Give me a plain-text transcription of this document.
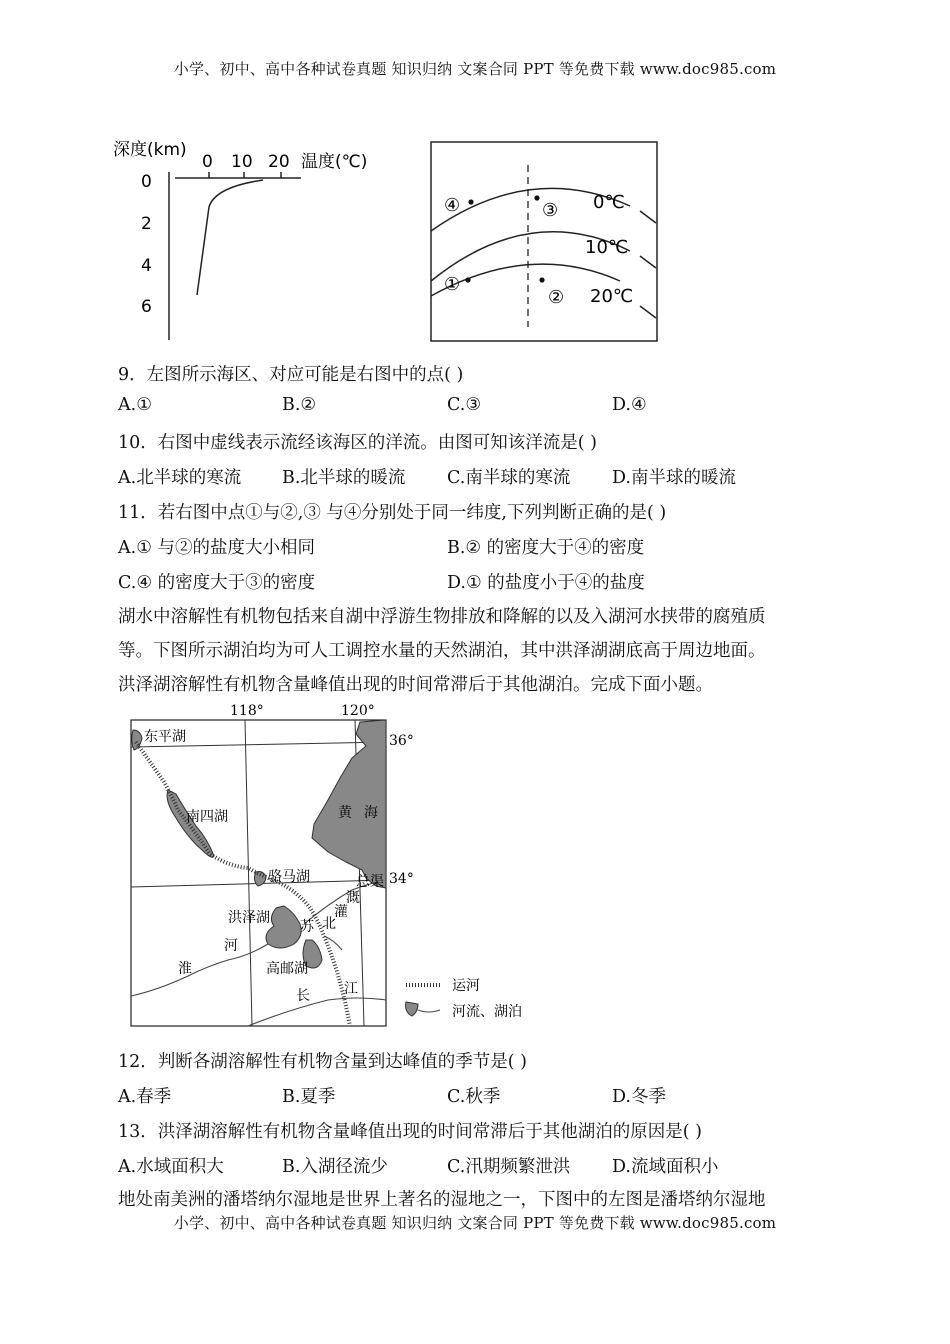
小学、初中、高中各种试卷真题 知识归纳 文案合同 PPT 等免费下载 www.doc985.com
小学、初中、高中各种试卷真题 知识归纳 文案合同 PPT 等免费下载 www.doc985.com
深度(km)
温度(℃)
0 10 20
0
2
4
6
0℃
10℃
20℃
④	③
①
②
9．左图所示海区、对应可能是右图中的点( )
A.①	B.②	C.③	D.④
10．右图中虚线表示流经该海区的洋流。由图可知该洋流是( )
A.北半球的寒流 B.北半球的暖流 C.南半球的寒流 D.南半球的暖流
11．若右图中点①与②,③ 与④分别处于同一纬度,下列判断正确的是( )
A.① 与②的盐度大小相同	B.② 的密度大于④的密度
C.④ 的密度大于③的密度	D.① 的盐度小于④的盐度
湖水中溶解性有机物包括来自湖中浮游生物排放和降解的以及入湖河水挟带的腐殖质
等。下图所示湖泊均为可人工调控水量的天然湖泊，其中洪泽湖湖底高于周边地面。
洪泽湖溶解性有机物含量峰值出现的时间常滞后于其他湖泊。完成下面小题。
118°	120°
36°
34°
东平湖
南四湖
骆马湖
洪泽湖
黄 海
高邮湖
淮
河
苏 北
灌
溉
总渠
长 江	运河
河流、湖泊
12．判断各湖溶解性有机物含量到达峰值的季节是( )
A.春季	B.夏季	C.秋季	D.冬季
13．洪泽湖溶解性有机物含量峰值出现的时间常滞后于其他湖泊的原因是( )
A.水域面积大	B.入湖径流少	C.汛期频繁泄洪 D.流域面积小
地处南美洲的潘塔纳尔湿地是世界上著名的湿地之一，下图中的左图是潘塔纳尔湿地
